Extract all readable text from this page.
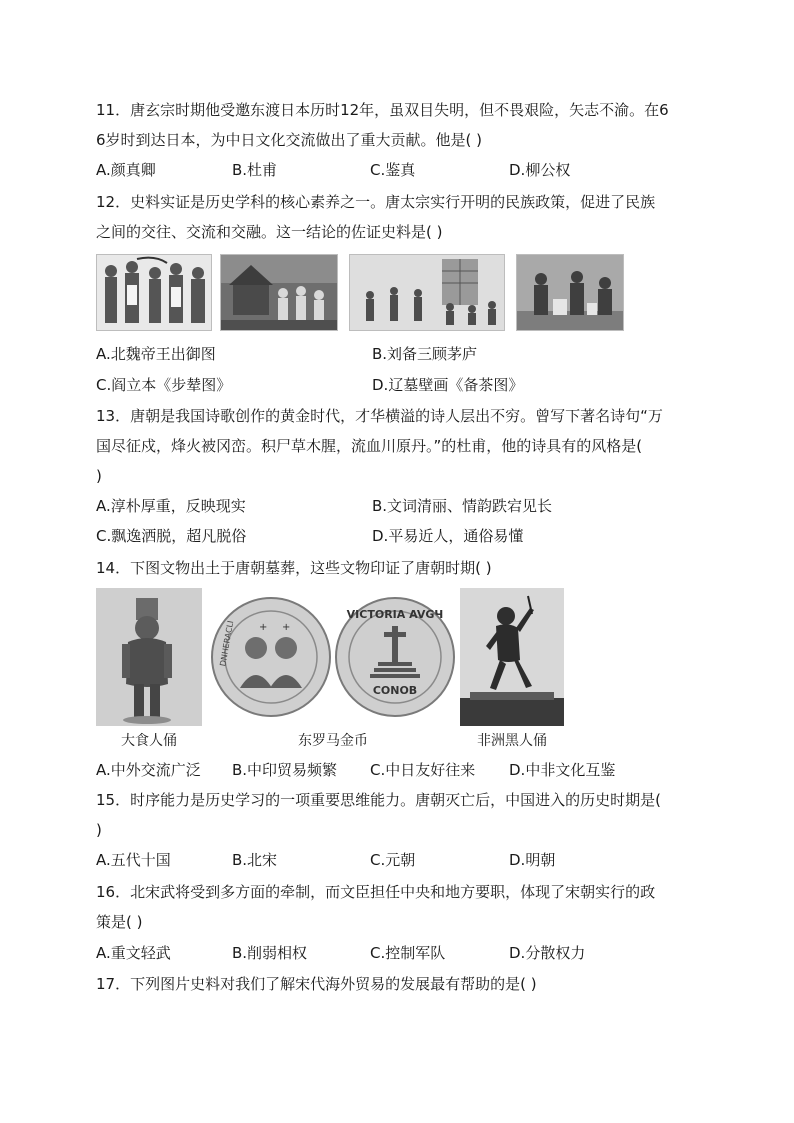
11．唐玄宗时期他受邀东渡日本历时12年，虽双目失明，但不畏艰险，矢志不渝。在6
6岁时到达日本，为中日文化交流做出了重大贡献。他是( )
A.颜真卿	B.杜甫	C.鉴真	D.柳公权
12．史料实证是历史学科的核心素养之一。唐太宗实行开明的民族政策，促进了民族
之间的交往、交流和交融。这一结论的佐证史料是( )
A.北魏帝王出御图	B.刘备三顾茅庐
C.阎立本《步辇图》	D.辽墓壁画《备茶图》
13．唐朝是我国诗歌创作的黄金时代，才华横溢的诗人层出不穷。曾写下著名诗句“万
国尽征戍，烽火被冈峦。积尸草木腥，流血川原丹。”的杜甫，他的诗具有的风格是(
)
A.淳朴厚重，反映现实	B.文词清丽、情韵跌宕见长
C.飘逸洒脱，超凡脱俗	D.平易近人，通俗易懂
14．下图文物出土于唐朝墓葬，这些文物印证了唐朝时期( )
+ +
DNHERACLI
VICTORIA AVGЧ
CONOB
大食人俑	东罗马金币	非洲黑人俑
A.中外交流广泛 B.中印贸易频繁 C.中日友好往来 D.中非文化互鉴
15．时序能力是历史学习的一项重要思维能力。唐朝灭亡后，中国进入的历史时期是(
)
A.五代十国	B.北宋	C.元朝	D.明朝
16．北宋武将受到多方面的牵制，而文臣担任中央和地方要职，体现了宋朝实行的政
策是( )
A.重文轻武	B.削弱相权	C.控制军队	D.分散权力
17．下列图片史料对我们了解宋代海外贸易的发展最有帮助的是( )
